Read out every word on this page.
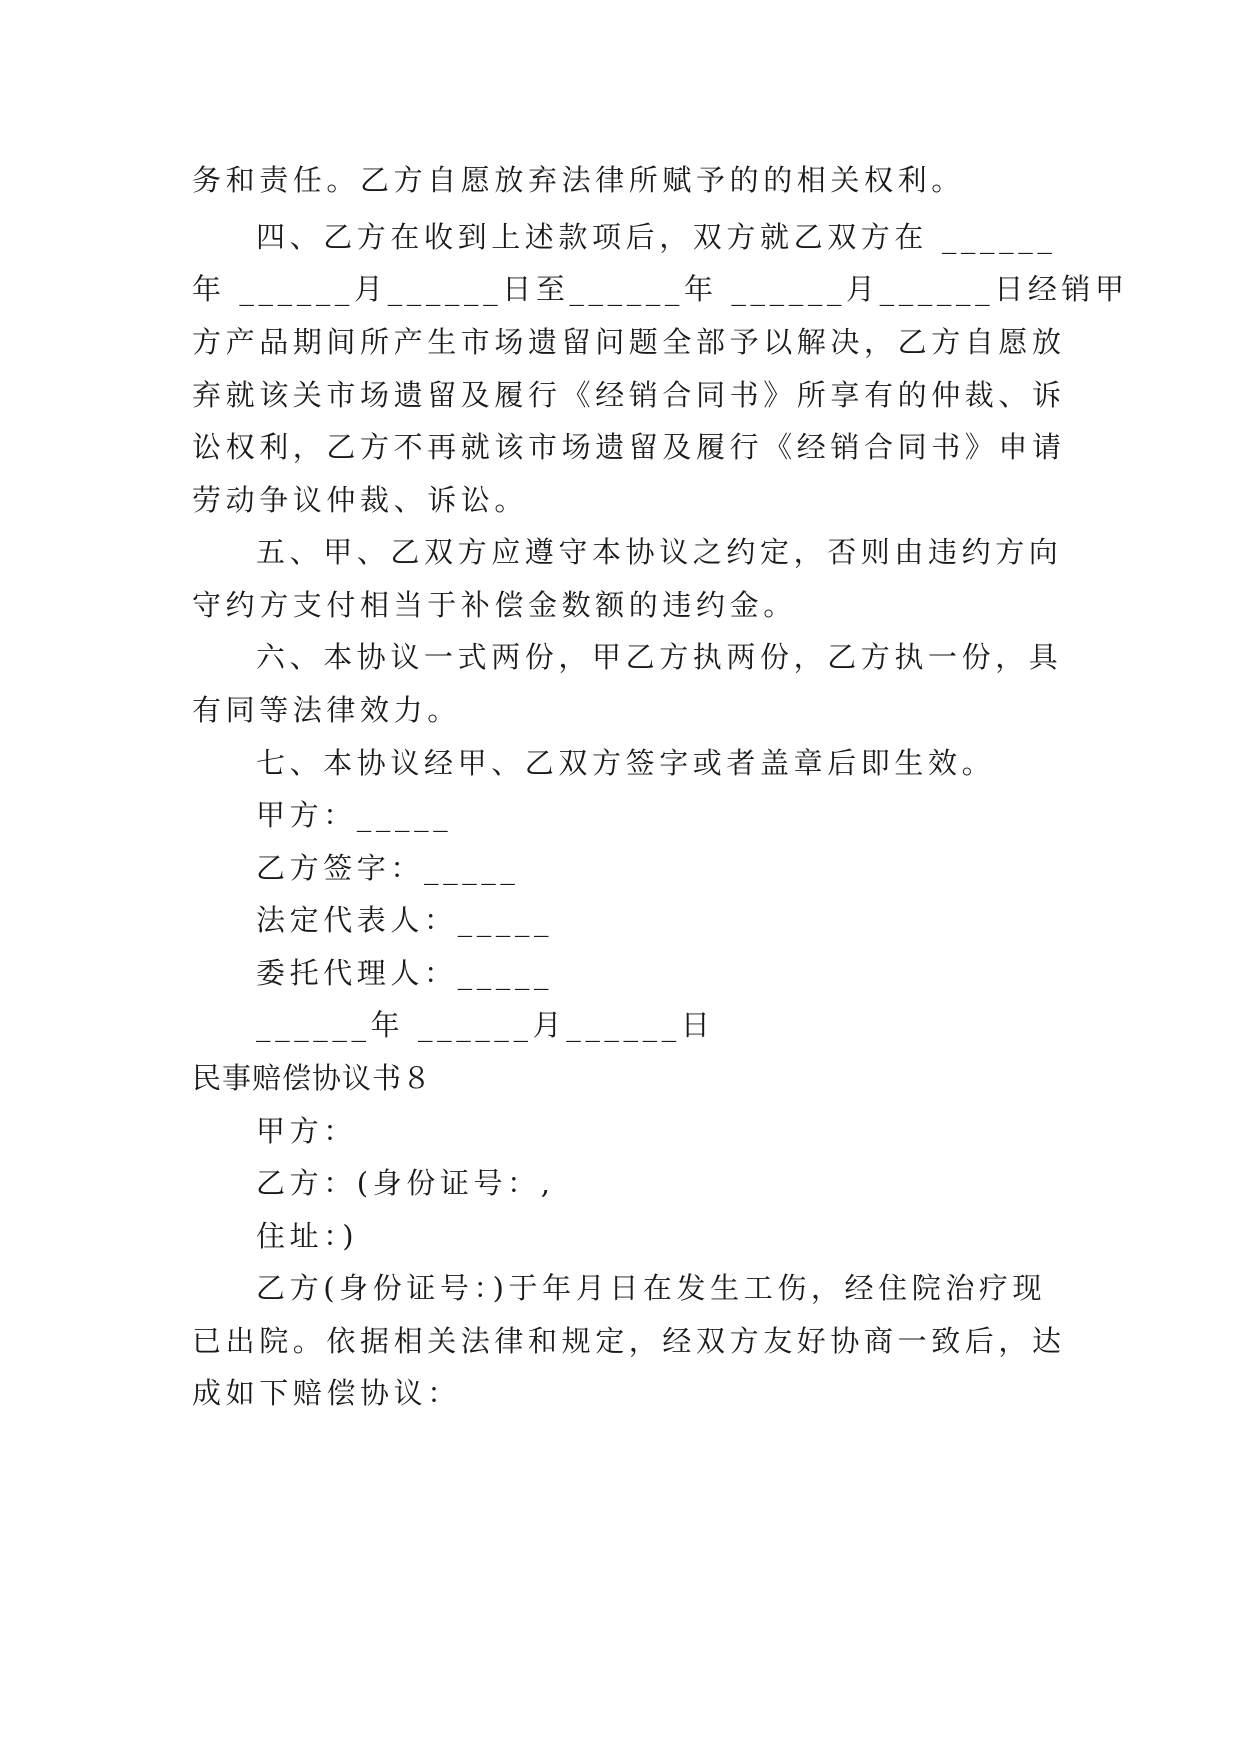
务和责任。乙方自愿放弃法律所赋予的的相关权利。
四、乙方在收到上述款项后，双方就乙双方在 ______
年 ______月______日至______年 ______月______日经销甲
方产品期间所产生市场遗留问题全部予以解决，乙方自愿放
弃就该关市场遗留及履行《经销合同书》所享有的仲裁、诉
讼权利，乙方不再就该市场遗留及履行《经销合同书》申请
劳动争议仲裁、诉讼。
五、甲、乙双方应遵守本协议之约定，否则由违约方向
守约方支付相当于补偿金数额的违约金。
六、本协议一式两份，甲乙方执两份，乙方执一份，具
有同等法律效力。
七、本协议经甲、乙双方签字或者盖章后即生效。
甲方：_____
乙方签字：_____
法定代表人：_____
委托代理人：_____
______年 ______月______日
民事赔偿协议书８
甲方：
乙方：(身份证号：,
住址：)
乙方(身份证号：)于年月日在发生工伤，经住院治疗现
已出院。依据相关法律和规定，经双方友好协商一致后，达
成如下赔偿协议：
